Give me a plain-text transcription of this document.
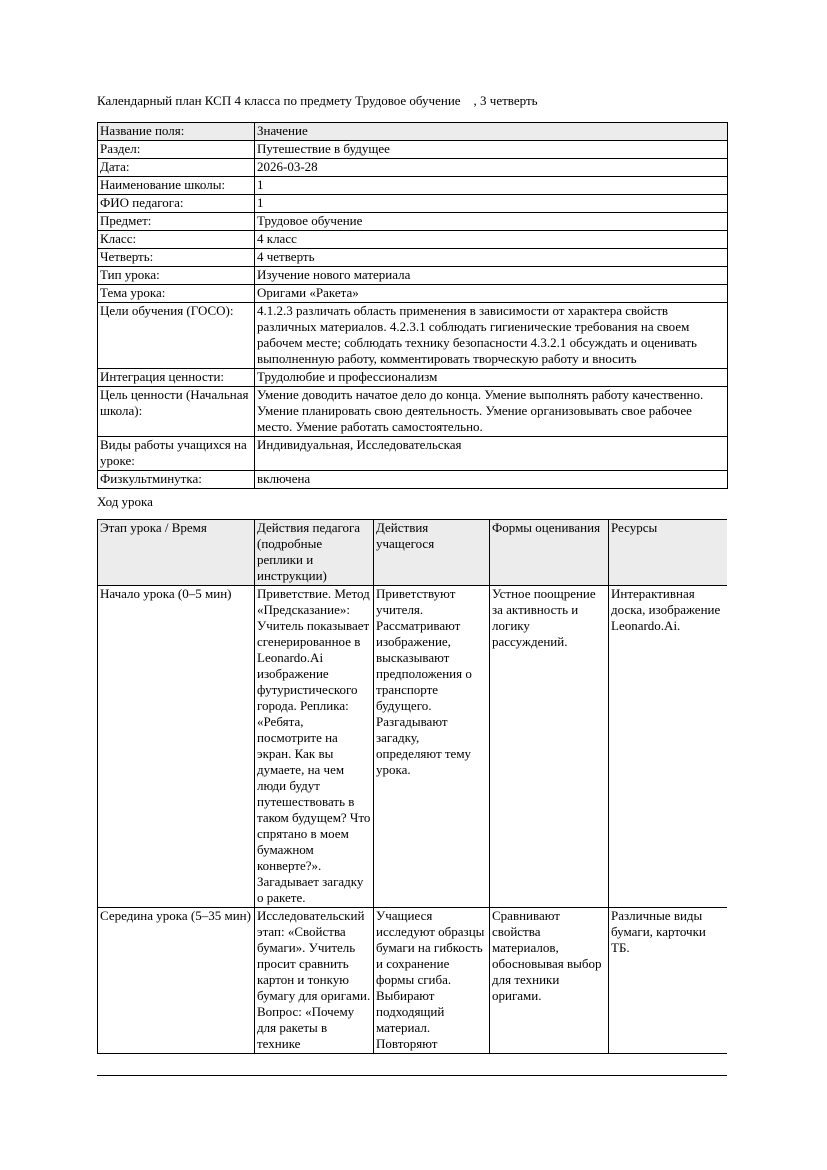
Календарный план КСП 4 класса по предмету Трудовое обучение    , 3 четверть
Название поля:	Значение
Раздел:	Путешествие в будущее
Дата:	2026-03-28
Наименование школы:	1
ФИО педагога:	1
Предмет:	Трудовое обучение
Класс:	4 класс
Четверть:	4 четверть
Тип урока:	Изучение нового материала
Тема урока:	Оригами «Ракета»
Цели обучения (ГОСО):	4.1.2.3 различать область применения в зависимости от характера свойств различных материалов. 4.2.3.1 соблюдать гигиенические требования на своем рабочем месте; соблюдать технику безопасности 4.3.2.1 обсуждать и оценивать выполненную работу, комментировать творческую работу и вносить
Интеграция ценности:	Трудолюбие и профессионализм
Цель ценности (Начальная школа):	Умение доводить начатое дело до конца. Умение выполнять работу качественно. Умение планировать свою деятельность. Умение организовывать свое рабочее место. Умение работать самостоятельно.
Виды работы учащихся на уроке:	Индивидуальная, Исследовательская
Физкультминутка:	включена
Ход урока
Этап урока / Время	Действия педагога (подробные реплики и инструкции)	Действия учащегося	Формы оценивания	Ресурсы
Начало урока (0–5 мин)	Приветствие. Метод «Предсказание»: Учитель показывает сгенерированное в Leonardo.Ai изображение футуристического города. Реплика: «Ребята, посмотрите на экран. Как вы думаете, на чем люди будут путешествовать в таком будущем? Что спрятано в моем бумажном конверте?». Загадывает загадку о ракете.	Приветствуют учителя. Рассматривают изображение, высказывают предположения о транспорте будущего. Разгадывают загадку, определяют тему урока.	Устное поощрение за активность и логику рассуждений.	Интерактивная доска, изображение Leonardo.Ai.
Середина урока (5–35 мин)	Исследовательский этап: «Свойства бумаги». Учитель просит сравнить картон и тонкую бумагу для оригами. Вопрос: «Почему для ракеты в технике	Учащиеся исследуют образцы бумаги на гибкость и сохранение формы сгиба. Выбирают подходящий материал. Повторяют	Сравнивают свойства материалов, обосновывая выбор для техники оригами.	Различные виды бумаги, карточки ТБ.
